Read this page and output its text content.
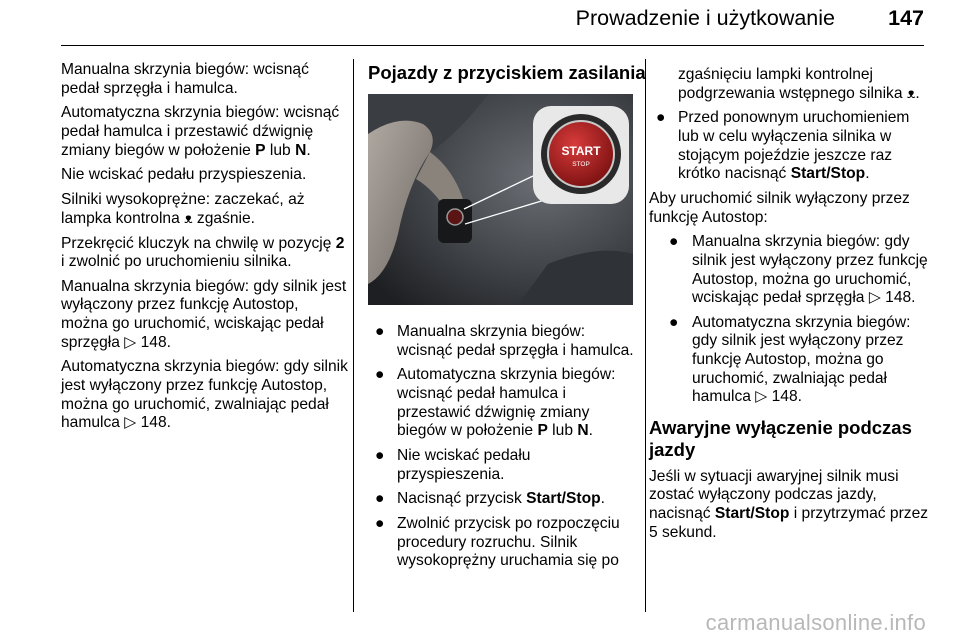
Prowadzenie i użytkowanie 147

Manualna skrzynia biegów: wcisnąć pedał sprzęgła i hamulca.

Automatyczna skrzynia biegów: wcisnąć pedał hamulca i przestawić dźwignię zmiany biegów w położenie P lub N.

Nie wciskać pedału przyspieszenia.

Silniki wysokoprężne: zaczekać, aż lampka kontrolna ᴥ zgaśnie.

Przekręcić kluczyk na chwilę w pozycję 2 i zwolnić po uruchomieniu silnika.

Manualna skrzynia biegów: gdy silnik jest wyłączony przez funkcję Autostop, można go uruchomić, wciskając pedał sprzęgła ▷ 148.

Automatyczna skrzynia biegów: gdy silnik jest wyłączony przez funkcję Autostop, można go uruchomić, zwalniając pedał hamulca ▷ 148.

Pojazdy z przyciskiem zasilania
START
STOP
● Manualna skrzynia biegów: wcisnąć pedał sprzęgła i hamulca.
● Automatyczna skrzynia biegów: wcisnąć pedał hamulca i przestawić dźwignię zmiany biegów w położenie P lub N.
● Nie wciskać pedału przyspieszenia.
● Nacisnąć przycisk Start/Stop.
● Zwolnić przycisk po rozpoczęciu procedury rozruchu. Silnik wysokoprężny uruchamia się po

zgaśnięciu lampki kontrolnej podgrzewania wstępnego silnika ᴥ.

● Przed ponownym uruchomieniem lub w celu wyłączenia silnika w stojącym pojeździe jeszcze raz krótko nacisnąć Start/Stop.

Aby uruchomić silnik wyłączony przez funkcję Autostop:

● Manualna skrzynia biegów: gdy silnik jest wyłączony przez funkcję Autostop, można go uruchomić, wciskając pedał sprzęgła ▷ 148.
● Automatyczna skrzynia biegów: gdy silnik jest wyłączony przez funkcję Autostop, można go uruchomić, zwalniając pedał hamulca ▷ 148.
Awaryjne wyłączenie podczas jazdy

Jeśli w sytuacji awaryjnej silnik musi zostać wyłączony podczas jazdy, nacisnąć Start/Stop i przytrzymać przez 5 sekund.

carmanualsonline.info
